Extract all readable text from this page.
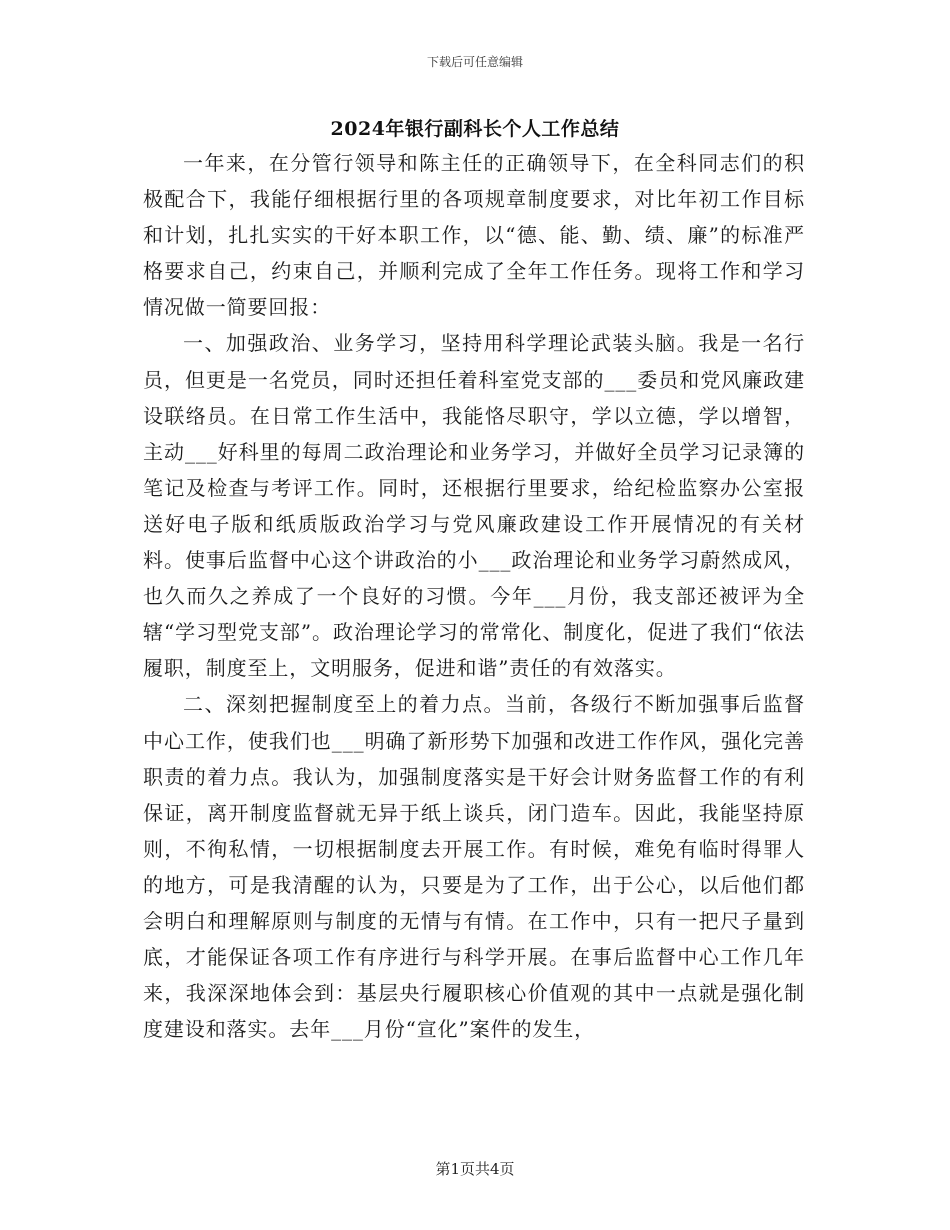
下载后可任意编辑
2024年银行副科长个人工作总结

一年来，在分管行领导和陈主任的正确领导下，在全科同志们的积极配合下，我能仔细根据行里的各项规章制度要求，对比年初工作目标和计划，扎扎实实的干好本职工作，以“德、能、勤、绩、廉”的标准严格要求自己，约束自己，并顺利完成了全年工作任务。现将工作和学习情况做一简要回报：

一、加强政治、业务学习，坚持用科学理论武装头脑。我是一名行员，但更是一名党员，同时还担任着科室党支部的___委员和党风廉政建设联络员。在日常工作生活中，我能恪尽职守，学以立德，学以增智，主动___好科里的每周二政治理论和业务学习，并做好全员学习记录簿的笔记及检查与考评工作。同时，还根据行里要求，给纪检监察办公室报送好电子版和纸质版政治学习与党风廉政建设工作开展情况的有关材料。使事后监督中心这个讲政治的小___政治理论和业务学习蔚然成风，也久而久之养成了一个良好的习惯。今年___月份，我支部还被评为全辖“学习型党支部”。政治理论学习的常常化、制度化，促进了我们“依法履职，制度至上，文明服务，促进和谐”责任的有效落实。

二、深刻把握制度至上的着力点。当前，各级行不断加强事后监督中心工作，使我们也___明确了新形势下加强和改进工作作风，强化完善职责的着力点。我认为，加强制度落实是干好会计财务监督工作的有利保证，离开制度监督就无异于纸上谈兵，闭门造车。因此，我能坚持原则，不徇私情，一切根据制度去开展工作。有时候，难免有临时得罪人的地方，可是我清醒的认为，只要是为了工作，出于公心，以后他们都会明白和理解原则与制度的无情与有情。在工作中，只有一把尺子量到底，才能保证各项工作有序进行与科学开展。在事后监督中心工作几年来，我深深地体会到：基层央行履职核心价值观的其中一点就是强化制度建设和落实。去年___月份“宣化”案件的发生，

第1页共4页
